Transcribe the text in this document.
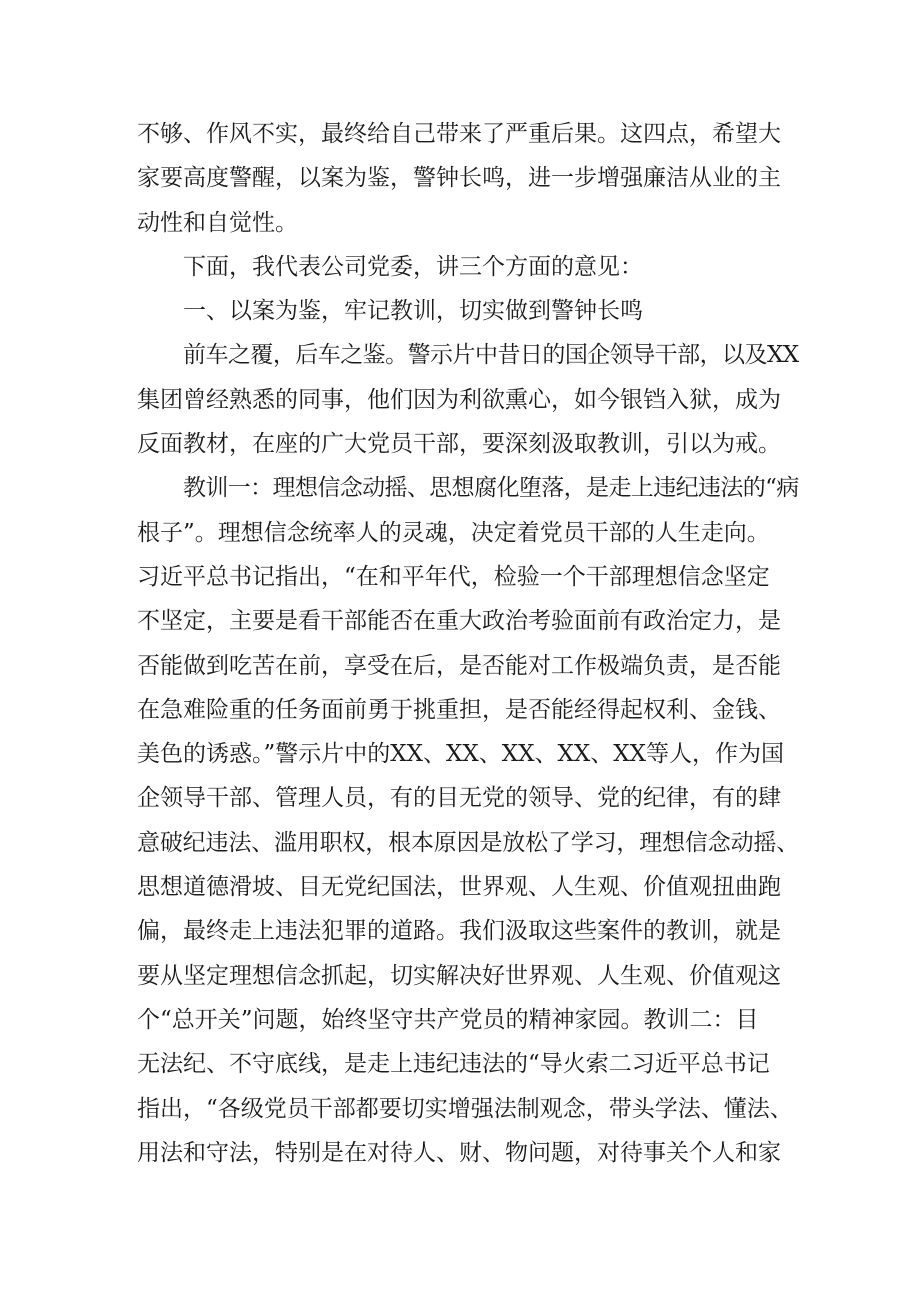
不够、作风不实，最终给自己带来了严重后果。这四点，希望大
家要高度警醒，以案为鉴，警钟长鸣，进一步增强廉洁从业的主
动性和自觉性。
下面，我代表公司党委，讲三个方面的意见：
一、以案为鉴，牢记教训，切实做到警钟长鸣
前车之覆，后车之鉴。警示片中昔日的国企领导干部，以及XX
集团曾经熟悉的同事，他们因为利欲熏心，如今银铛入狱，成为
反面教材，在座的广大党员干部，要深刻汲取教训，引以为戒。
教训一：理想信念动摇、思想腐化堕落，是走上违纪违法的“病
根子”。理想信念统率人的灵魂，决定着党员干部的人生走向。
习近平总书记指出，“在和平年代，检验一个干部理想信念坚定
不坚定，主要是看干部能否在重大政治考验面前有政治定力，是
否能做到吃苦在前，享受在后，是否能对工作极端负责，是否能
在急难险重的任务面前勇于挑重担，是否能经得起权利、金钱、
美色的诱惑。”警示片中的XX、XX、XX、XX、XX等人，作为国
企领导干部、管理人员，有的目无党的领导、党的纪律，有的肆
意破纪违法、滥用职权，根本原因是放松了学习，理想信念动摇、
思想道德滑坡、目无党纪国法，世界观、人生观、价值观扭曲跑
偏，最终走上违法犯罪的道路。我们汲取这些案件的教训，就是
要从坚定理想信念抓起，切实解决好世界观、人生观、价值观这
个“总开关”问题，始终坚守共产党员的精神家园。教训二：目
无法纪、不守底线，是走上违纪违法的“导火索二习近平总书记
指出，“各级党员干部都要切实增强法制观念，带头学法、懂法、
用法和守法，特别是在对待人、财、物问题，对待事关个人和家
